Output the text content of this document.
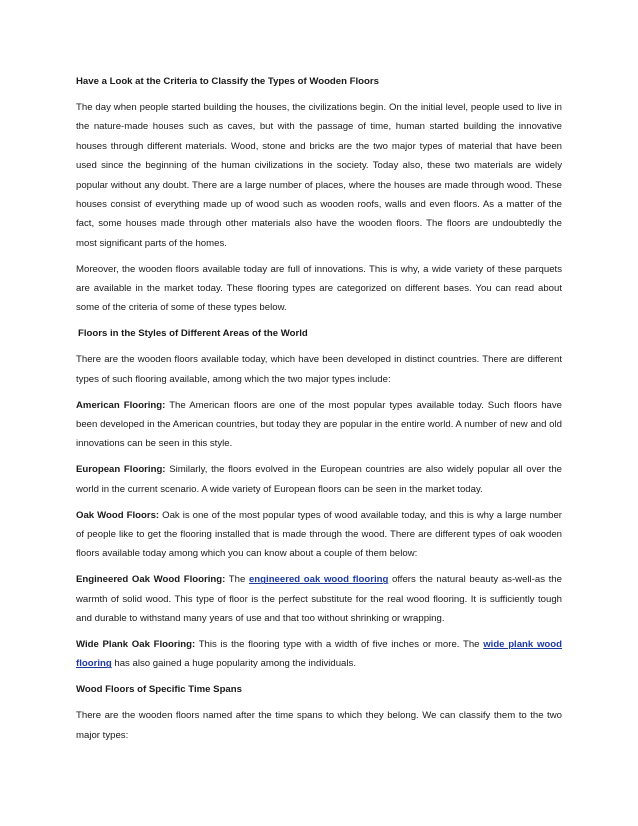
Have a Look at the Criteria to Classify the Types of Wooden Floors

The day when people started building the houses, the civilizations begin. On the initial level, people used to live in the nature-made houses such as caves, but with the passage of time, human started building the innovative houses through different materials. Wood, stone and bricks are the two major types of material that have been used since the beginning of the human civilizations in the society. Today also, these two materials are widely popular without any doubt. There are a large number of places, where the houses are made through wood. These houses consist of everything made up of wood such as wooden roofs, walls and even floors. As a matter of the fact, some houses made through other materials also have the wooden floors. The floors are undoubtedly the most significant parts of the homes.

Moreover, the wooden floors available today are full of innovations. This is why, a wide variety of these parquets are available in the market today. These flooring types are categorized on different bases. You can read about some of the criteria of some of these types below.

Floors in the Styles of Different Areas of the World

There are the wooden floors available today, which have been developed in distinct countries. There are different types of such flooring available, among which the two major types include:

American Flooring: The American floors are one of the most popular types available today. Such floors have been developed in the American countries, but today they are popular in the entire world. A number of new and old innovations can be seen in this style.

European Flooring: Similarly, the floors evolved in the European countries are also widely popular all over the world in the current scenario. A wide variety of European floors can be seen in the market today.

Oak Wood Floors: Oak is one of the most popular types of wood available today, and this is why a large number of people like to get the flooring installed that is made through the wood. There are different types of oak wooden floors available today among which you can know about a couple of them below:

Engineered Oak Wood Flooring: The engineered oak wood flooring offers the natural beauty as-well-as the warmth of solid wood. This type of floor is the perfect substitute for the real wood flooring. It is sufficiently tough and durable to withstand many years of use and that too without shrinking or wrapping.

Wide Plank Oak Flooring: This is the flooring type with a width of five inches or more. The wide plank wood flooring has also gained a huge popularity among the individuals.

Wood Floors of Specific Time Spans

There are the wooden floors named after the time spans to which they belong. We can classify them to the two major types:
